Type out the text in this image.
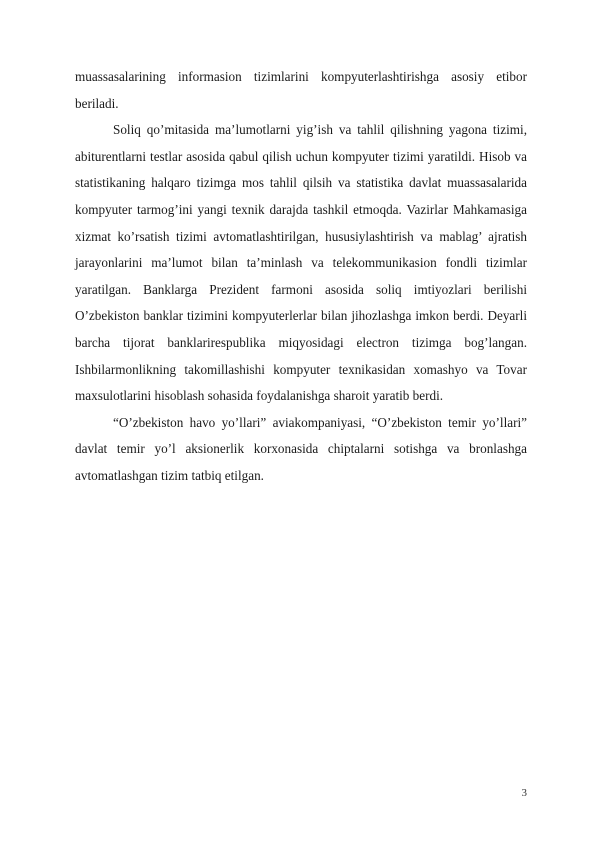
muassasalarining informasion tizimlarini kompyuterlashtirishga asosiy etibor beriladi.

Soliq qo’mitasida ma’lumotlarni yig’ish va tahlil qilishning yagona tizimi, abiturentlarni testlar asosida qabul qilish uchun kompyuter tizimi yaratildi. Hisob va statistikaning halqaro tizimga mos tahlil qilsih va statistika davlat muassasalarida kompyuter tarmog’ini yangi texnik darajda tashkil etmoqda. Vazirlar Mahkamasiga xizmat ko’rsatish tizimi avtomatlashtirilgan, hususiylashtirish va mablag’ ajratish jarayonlarini ma’lumot bilan ta’minlash va telekommunikasion fondli tizimlar yaratilgan. Banklarga Prezident farmoni asosida soliq imtiyozlari berilishi O’zbekiston banklar tizimini kompyuterlerlar bilan jihozlashga imkon berdi. Deyarli barcha tijorat banklarirespublika miqyosidagi electron tizimga bog’langan. Ishbilarmonlikning takomillashishi kompyuter texnikasidan xomashyo va Tovar maxsulotlarini hisoblash sohasida foydalanishga sharoit yaratib berdi.

“O’zbekiston havo yo’llari” aviakompaniyasi, “O’zbekiston temir yo’llari” davlat temir yo’l aksionerlik korxonasida chiptalarni sotishga va bronlashga avtomatlashgan tizim tatbiq etilgan.

3
